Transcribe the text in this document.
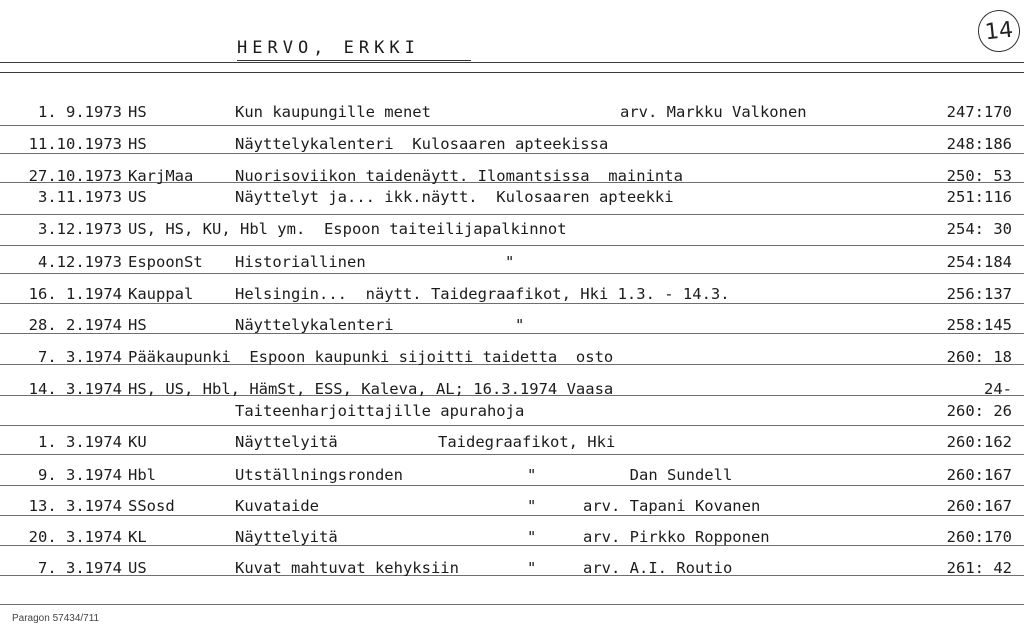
14
HERVO, ERKKI
1. 9.1973 HS	Kun kaupungille menet	arv. Markku Valkonen	247:170
11.10.1973 HS	Näyttelykalenteri  Kulosaaren apteekissa	248:186
27.10.1973 KarjMaa	Nuorisoviikon taidenäytt. Ilomantsissa  maininta	250: 53
3.11.1973 US	Näyttelyt ja... ikk.näytt.  Kulosaaren apteekki	251:116
3.12.1973 US, HS, KU, Hbl ym.  Espoon taiteilijapalkinnot	254: 30
4.12.1973 EspoonSt Historiallinen	"	254:184
16. 1.1974 Kauppal	Helsingin...  näytt. Taidegraafikot, Hki 1.3. - 14.3.	256:137
28. 2.1974 HS	Näyttelykalenteri	"	258:145
7. 3.1974 Pääkaupunki  Espoon kaupunki sijoitti taidetta  osto	260: 18
14. 3.1974 HS, US, Hbl, HämSt, ESS, Kaleva, AL; 16.3.1974 Vaasa	24-
Taiteenharjoittajille apurahoja	260: 26
1. 3.1974 KU	Näyttelyitä	Taidegraafikot, Hki	260:162
9. 3.1974 Hbl	Utställningsronden	"          Dan Sundell	260:167
13. 3.1974 SSosd	Kuvataide	"     arv. Tapani Kovanen	260:167
20. 3.1974 KL	Näyttelyitä	"     arv. Pirkko Ropponen	260:170
7. 3.1974 US	Kuvat mahtuvat kehyksiin	"     arv. A.I. Routio	261: 42
Paragon 57434/711
